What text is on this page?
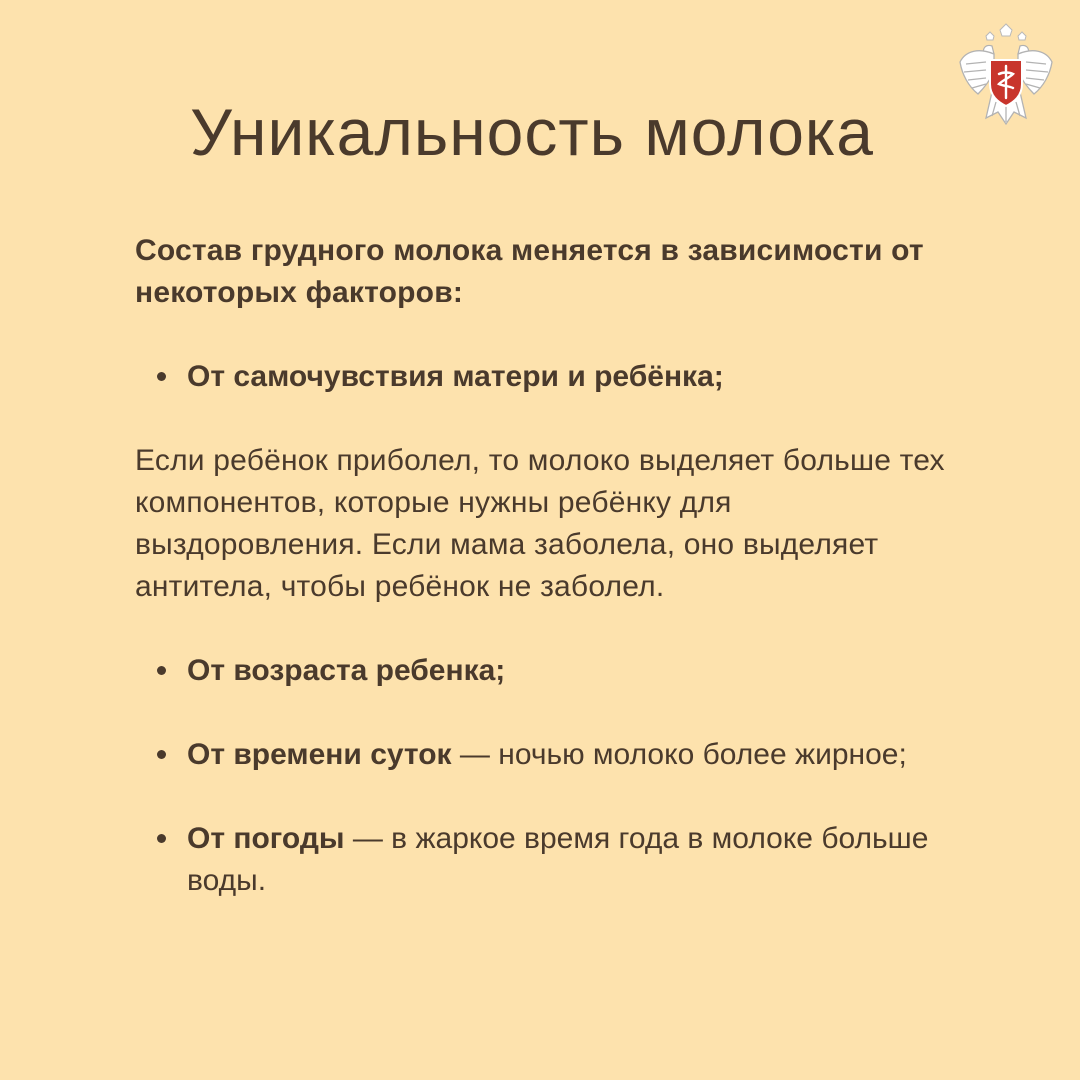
Уникальность молока

Состав грудного молока меняется в зависимости от некоторых факторов:

От самочувствия матери и ребёнка;

Если ребёнок приболел, то молоко выделяет больше тех компонентов, которые нужны ребёнку для выздоровления. Если мама заболела, оно выделяет антитела, чтобы ребёнок не заболел.

От возраста ребенка;
От времени суток — ночью молоко более жирное;
От погоды — в жаркое время года в молоке больше воды.
